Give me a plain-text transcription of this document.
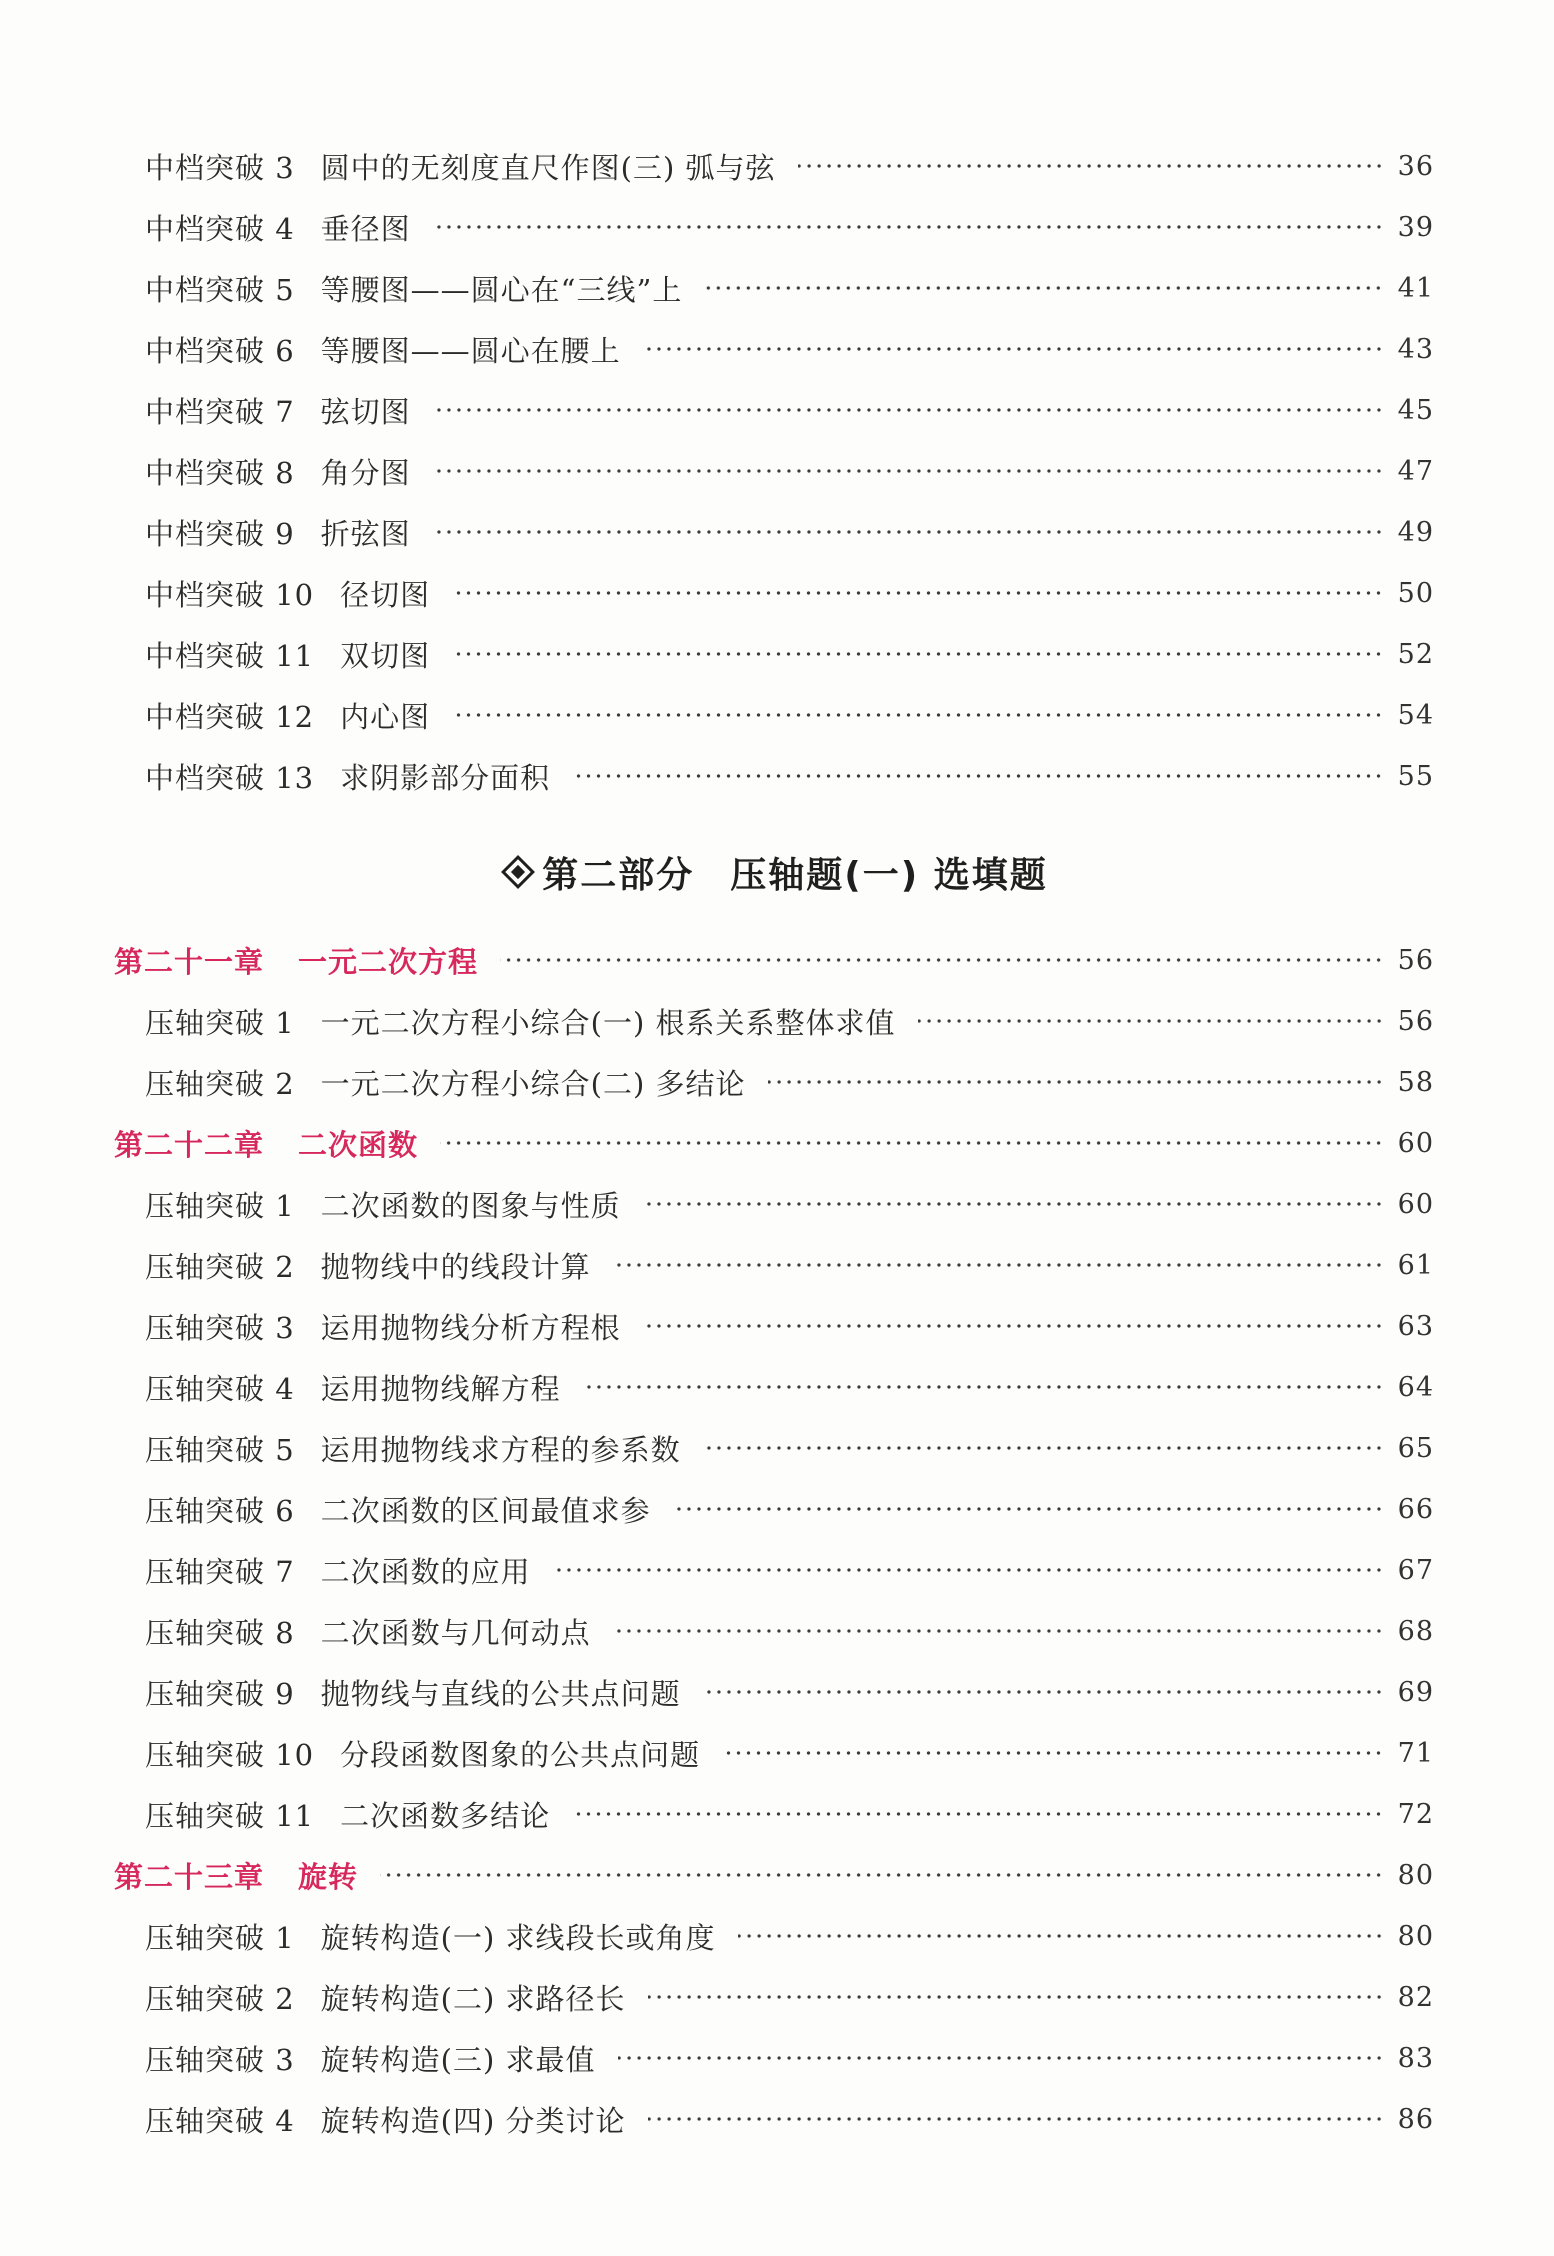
中档突破 3 圆中的无刻度直尺作图(三) 弧与弦	36
中档突破 4 垂径图	39
中档突破 5 等腰图——圆心在“三线”上	41
中档突破 6 等腰图——圆心在腰上	43
中档突破 7 弦切图	45
中档突破 8 角分图	47
中档突破 9 折弦图	49
中档突破 10 径切图	50
中档突破 11 双切图	52
中档突破 12 内心图	54
中档突破 13 求阴影部分面积	55
第二部分 压轴题(一) 选填题
第二十一章 一元二次方程	56
压轴突破 1 一元二次方程小综合(一) 根系关系整体求值	56
压轴突破 2 一元二次方程小综合(二) 多结论	58
第二十二章 二次函数	60
压轴突破 1 二次函数的图象与性质	60
压轴突破 2 抛物线中的线段计算	61
压轴突破 3 运用抛物线分析方程根	63
压轴突破 4 运用抛物线解方程	64
压轴突破 5 运用抛物线求方程的参系数	65
压轴突破 6 二次函数的区间最值求参	66
压轴突破 7 二次函数的应用	67
压轴突破 8 二次函数与几何动点	68
压轴突破 9 抛物线与直线的公共点问题	69
压轴突破 10 分段函数图象的公共点问题	71
压轴突破 11 二次函数多结论	72
第二十三章 旋转	80
压轴突破 1 旋转构造(一) 求线段长或角度	80
压轴突破 2 旋转构造(二) 求路径长	82
压轴突破 3 旋转构造(三) 求最值	83
压轴突破 4 旋转构造(四) 分类讨论	86
